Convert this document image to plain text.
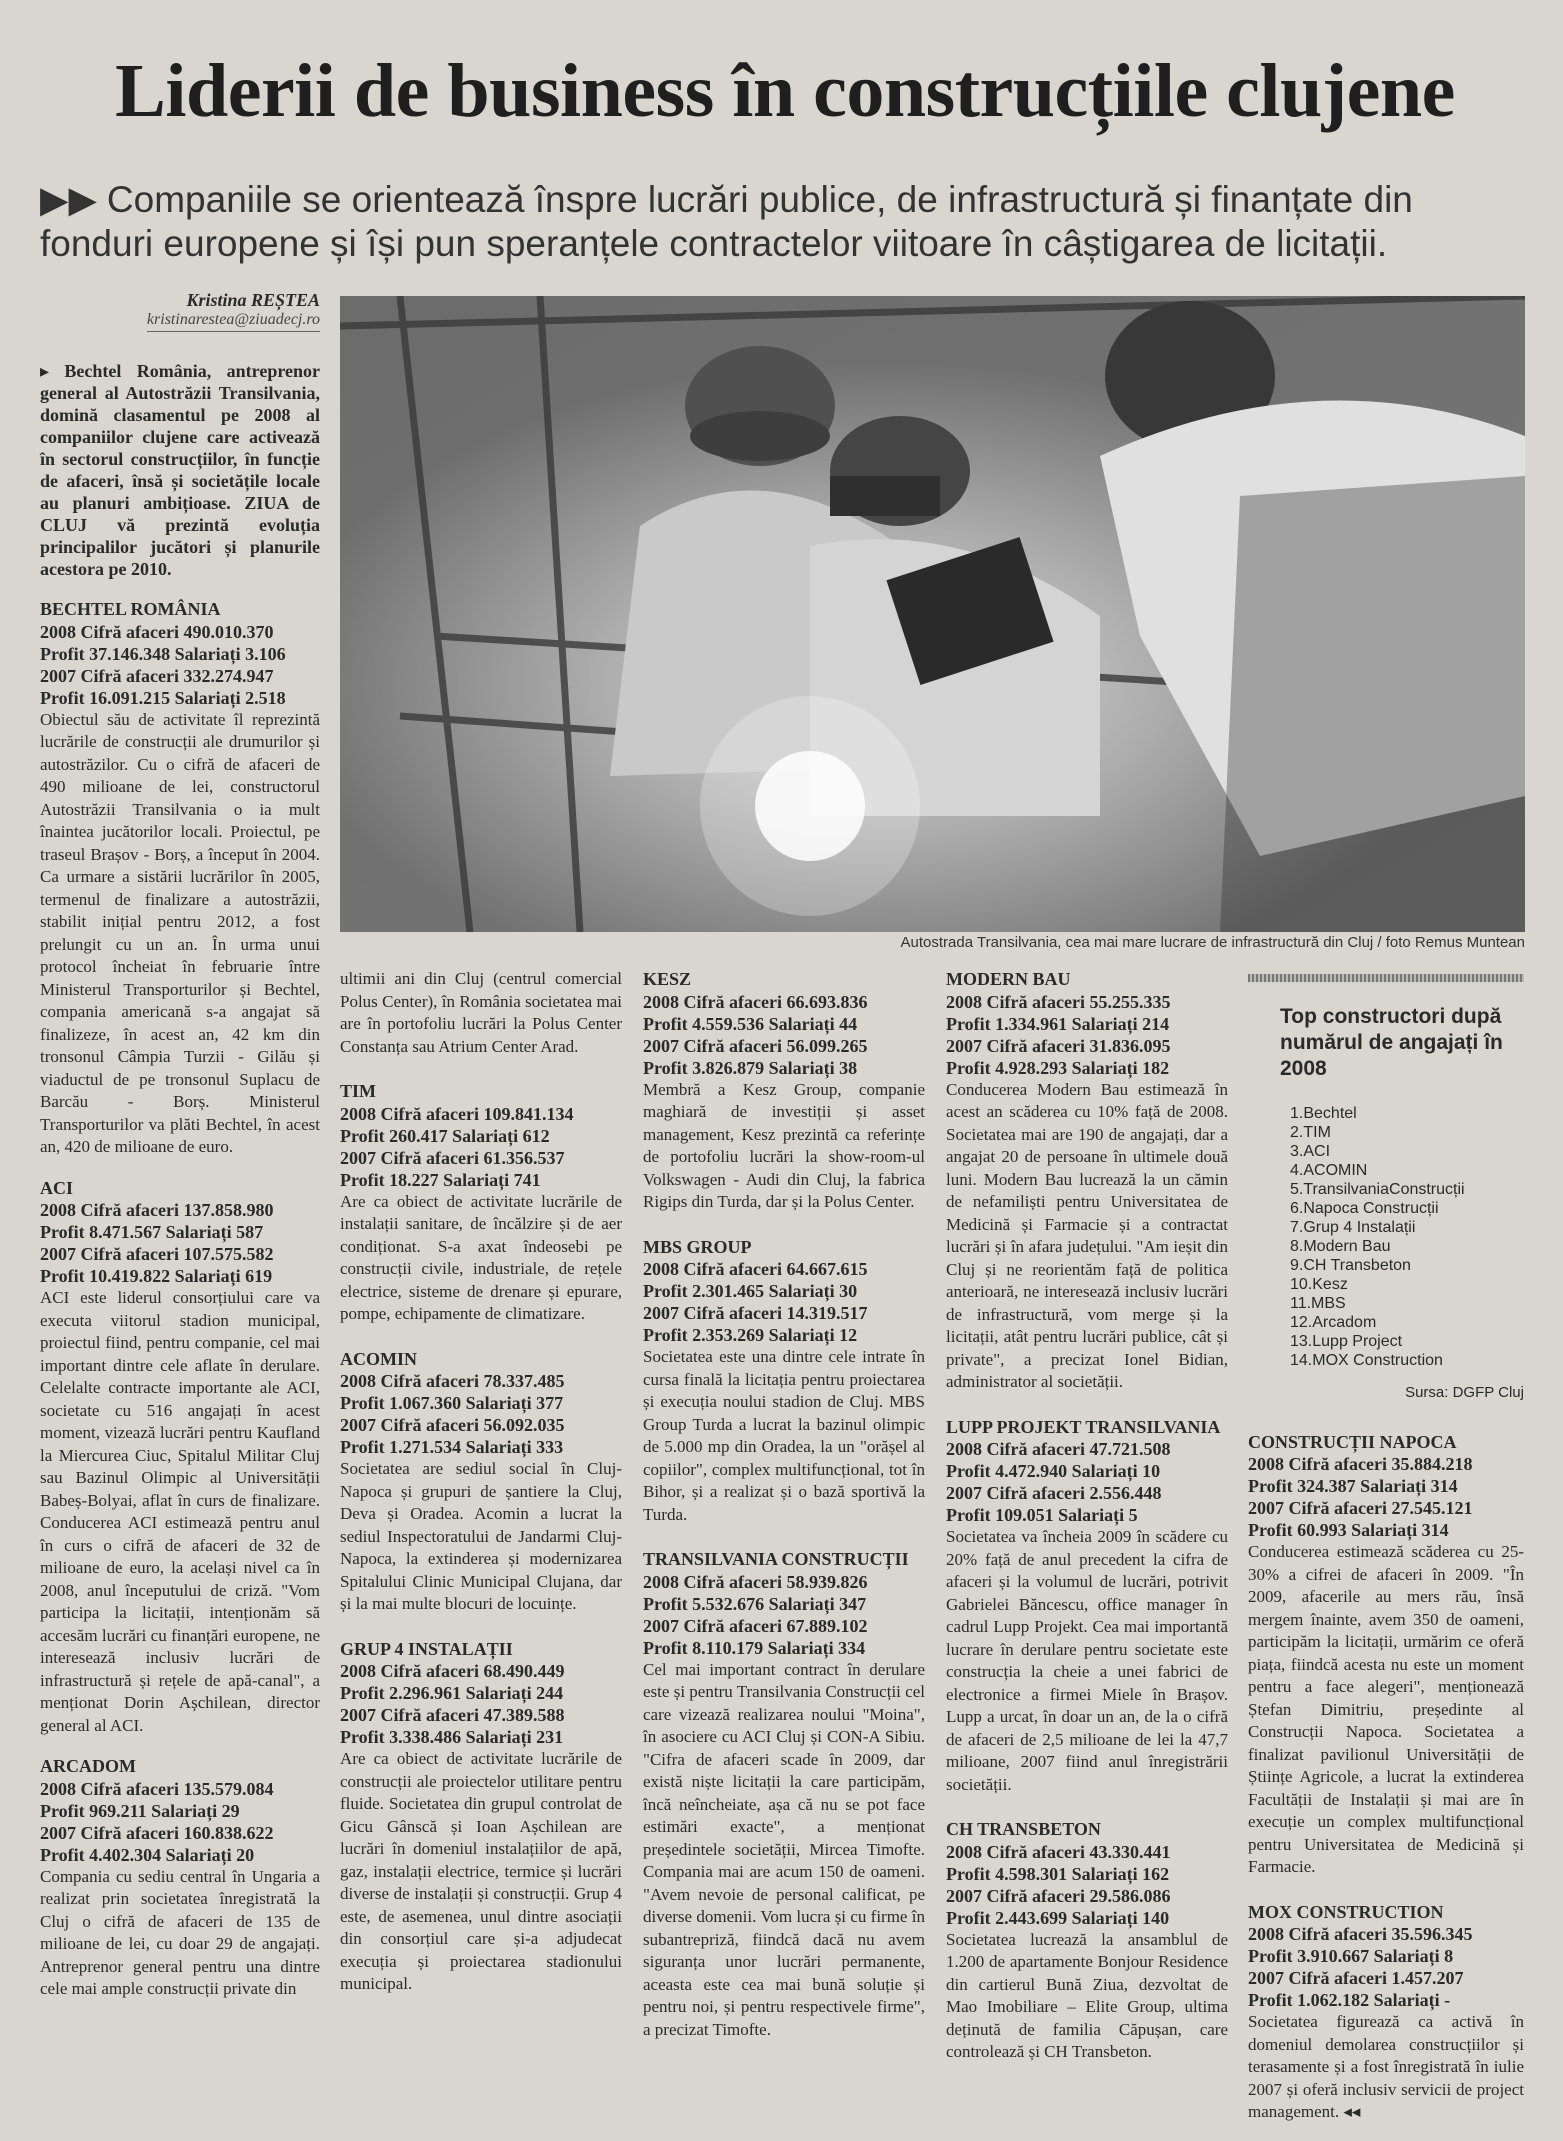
Liderii de business în construcțiile clujene
▶▶ Companiile se orientează înspre lucrări publice, de infrastructură și finanțate din fonduri europene și își pun speranțele contractelor viitoare în câștigarea de licitații.
Kristina REȘTEA
kristinarestea@ziuadecj.ro
Autostrada Transilvania, cea mai mare lucrare de infrastructură din Cluj / foto Remus Muntean

▸ Bechtel România, antreprenor general al Autostrăzii Transilvania, domină clasamentul pe 2008 al companiilor clujene care activează în sectorul construcțiilor, în funcție de afaceri, însă și societățile locale au planuri ambițioase. ZIUA de CLUJ vă prezintă evoluția principalilor jucători și planurile acestora pe 2010.

BECHTEL ROMÂNIA
2008 Cifră afaceri 490.010.370
Profit 37.146.348 Salariați 3.106
2007 Cifră afaceri 332.274.947
Profit 16.091.215 Salariați 2.518

Obiectul său de activitate îl reprezintă lucrările de construcții ale drumurilor și autostrăzilor. Cu o cifră de afaceri de 490 milioane de lei, constructorul Autostrăzii Transilvania o ia mult înaintea jucătorilor locali. Proiectul, pe traseul Brașov - Borș, a început în 2004. Ca urmare a sistării lucrărilor în 2005, termenul de finalizare a autostrăzii, stabilit inițial pentru 2012, a fost prelungit cu un an. În urma unui protocol încheiat în februarie între Ministerul Transporturilor și Bechtel, compania americană s-a angajat să finalizeze, în acest an, 42 km din tronsonul Câmpia Turzii - Gilău și viaductul de pe tronsonul Suplacu de Barcău - Borș. Ministerul Transporturilor va plăti Bechtel, în acest an, 420 de milioane de euro.

ACI
2008 Cifră afaceri 137.858.980
Profit 8.471.567 Salariați 587
2007 Cifră afaceri 107.575.582
Profit 10.419.822 Salariați 619

ACI este liderul consorțiului care va executa viitorul stadion municipal, proiectul fiind, pentru companie, cel mai important dintre cele aflate în derulare. Celelalte contracte importante ale ACI, societate cu 516 angajați în acest moment, vizează lucrări pentru Kaufland la Miercurea Ciuc, Spitalul Militar Cluj sau Bazinul Olimpic al Universității Babeș-Bolyai, aflat în curs de finalizare. Conducerea ACI estimează pentru anul în curs o cifră de afaceri de 32 de milioane de euro, la același nivel ca în 2008, anul începutului de criză. "Vom participa la licitații, intenționăm să accesăm lucrări cu finanțări europene, ne interesează inclusiv lucrări de infrastructură și rețele de apă-canal", a menționat Dorin Așchilean, director general al ACI.

ARCADOM
2008 Cifră afaceri 135.579.084
Profit 969.211 Salariați 29
2007 Cifră afaceri 160.838.622
Profit 4.402.304 Salariați 20

Compania cu sediu central în Ungaria a realizat prin societatea înregistrată la Cluj o cifră de afaceri de 135 de milioane de lei, cu doar 29 de angajați. Antreprenor general pentru una dintre cele mai ample construcții private din

ultimii ani din Cluj (centrul comercial Polus Center), în România societatea mai are în portofoliu lucrări la Polus Center Constanța sau Atrium Center Arad.

TIM
2008 Cifră afaceri 109.841.134
Profit 260.417 Salariați 612
2007 Cifră afaceri 61.356.537
Profit 18.227 Salariați 741

Are ca obiect de activitate lucrările de instalații sanitare, de încălzire și de aer condiționat. S-a axat îndeosebi pe construcții civile, industriale, de rețele electrice, sisteme de drenare și epurare, pompe, echipamente de climatizare.

ACOMIN
2008 Cifră afaceri 78.337.485
Profit 1.067.360 Salariați 377
2007 Cifră afaceri 56.092.035
Profit 1.271.534 Salariați 333

Societatea are sediul social în Cluj-Napoca și grupuri de șantiere la Cluj, Deva și Oradea. Acomin a lucrat la sediul Inspectoratului de Jandarmi Cluj-Napoca, la extinderea și modernizarea Spitalului Clinic Municipal Clujana, dar și la mai multe blocuri de locuințe.

GRUP 4 INSTALAȚII
2008 Cifră afaceri 68.490.449
Profit 2.296.961 Salariați 244
2007 Cifră afaceri 47.389.588
Profit 3.338.486 Salariați 231

Are ca obiect de activitate lucrările de construcții ale proiectelor utilitare pentru fluide. Societatea din grupul controlat de Gicu Gânscă și Ioan Așchilean are lucrări în domeniul instalațiilor de apă, gaz, instalații electrice, termice și lucrări diverse de instalații și construcții. Grup 4 este, de asemenea, unul dintre asociații din consorțiul care și-a adjudecat execuția și proiectarea stadionului municipal.

KESZ
2008 Cifră afaceri 66.693.836
Profit 4.559.536 Salariați 44
2007 Cifră afaceri 56.099.265
Profit 3.826.879 Salariați 38

Membră a Kesz Group, companie maghiară de investiții și asset management, Kesz prezintă ca referințe de portofoliu lucrări la show-room-ul Volkswagen - Audi din Cluj, la fabrica Rigips din Turda, dar și la Polus Center.

MBS GROUP
2008 Cifră afaceri 64.667.615
Profit 2.301.465 Salariați 30
2007 Cifră afaceri 14.319.517
Profit 2.353.269 Salariați 12

Societatea este una dintre cele intrate în cursa finală la licitația pentru proiectarea și execuția noului stadion de Cluj. MBS Group Turda a lucrat la bazinul olimpic de 5.000 mp din Oradea, la un "orășel al copiilor", complex multifuncțional, tot în Bihor, și a realizat și o bază sportivă la Turda.

TRANSILVANIA CONSTRUCȚII
2008 Cifră afaceri 58.939.826
Profit 5.532.676 Salariați 347
2007 Cifră afaceri 67.889.102
Profit 8.110.179 Salariați 334

Cel mai important contract în derulare este și pentru Transilvania Construcții cel care vizează realizarea noului "Moina", în asociere cu ACI Cluj și CON-A Sibiu. "Cifra de afaceri scade în 2009, dar există niște licitații la care participăm, încă neîncheiate, așa că nu se pot face estimări exacte", a menționat președintele societății, Mircea Timofte. Compania mai are acum 150 de oameni. "Avem nevoie de personal calificat, pe diverse domenii. Vom lucra și cu firme în subantrepriză, fiindcă dacă nu avem siguranța unor lucrări permanente, aceasta este cea mai bună soluție și pentru noi, și pentru respectivele firme", a precizat Timofte.

MODERN BAU
2008 Cifră afaceri 55.255.335
Profit 1.334.961 Salariați 214
2007 Cifră afaceri 31.836.095
Profit 4.928.293 Salariați 182

Conducerea Modern Bau estimează în acest an scăderea cu 10% față de 2008. Societatea mai are 190 de angajați, dar a angajat 20 de persoane în ultimele două luni. Modern Bau lucrează la un cămin de nefamiliști pentru Universitatea de Medicină și Farmacie și a contractat lucrări și în afara județului. "Am ieșit din Cluj și ne reorientăm față de politica anterioară, ne interesează inclusiv lucrări de infrastructură, vom merge și la licitații, atât pentru lucrări publice, cât și private", a precizat Ionel Bidian, administrator al societății.

LUPP PROJEKT TRANSILVANIA
2008 Cifră afaceri 47.721.508
Profit 4.472.940 Salariați 10
2007 Cifră afaceri 2.556.448
Profit 109.051 Salariați 5

Societatea va încheia 2009 în scădere cu 20% față de anul precedent la cifra de afaceri și la volumul de lucrări, potrivit Gabrielei Băncescu, office manager în cadrul Lupp Projekt. Cea mai importantă lucrare în derulare pentru societate este construcția la cheie a unei fabrici de electronice a firmei Miele în Brașov. Lupp a urcat, în doar un an, de la o cifră de afaceri de 2,5 milioane de lei la 47,7 milioane, 2007 fiind anul înregistrării societății.

CH TRANSBETON
2008 Cifră afaceri 43.330.441
Profit 4.598.301 Salariați 162
2007 Cifră afaceri 29.586.086
Profit 2.443.699 Salariați 140

Societatea lucrează la ansamblul de 1.200 de apartamente Bonjour Residence din cartierul Bună Ziua, dezvoltat de Mao Imobiliare – Elite Group, ultima deținută de familia Căpușan, care controlează și CH Transbeton.

Top constructori după numărul de angajați în 2008
1.Bechtel
2.TIM
3.ACI
4.ACOMIN
5.TransilvaniaConstrucții
6.Napoca Construcții
7.Grup 4 Instalații
8.Modern Bau
9.CH Transbeton
10.Kesz
11.MBS
12.Arcadom
13.Lupp Project
14.MOX Construction
Sursa: DGFP Cluj
CONSTRUCȚII NAPOCA
2008 Cifră afaceri 35.884.218
Profit 324.387 Salariați 314
2007 Cifră afaceri 27.545.121
Profit 60.993 Salariați 314

Conducerea estimează scăderea cu 25-30% a cifrei de afaceri în 2009. "În 2009, afacerile au mers rău, însă mergem înainte, avem 350 de oameni, participăm la licitații, urmărim ce oferă piața, fiindcă acesta nu este un moment pentru a face alegeri", menționează Ștefan Dimitriu, președinte al Construcții Napoca. Societatea a finalizat pavilionul Universității de Științe Agricole, a lucrat la extinderea Facultății de Instalații și mai are în execuție un complex multifuncțional pentru Universitatea de Medicină și Farmacie.

MOX CONSTRUCTION
2008 Cifră afaceri 35.596.345
Profit 3.910.667 Salariați 8
2007 Cifră afaceri 1.457.207
Profit 1.062.182 Salariați -

Societatea figurează ca activă în domeniul demolarea construcțiilor și terasamente și a fost înregistrată în iulie 2007 și oferă inclusiv servicii de project management. ◂◂
